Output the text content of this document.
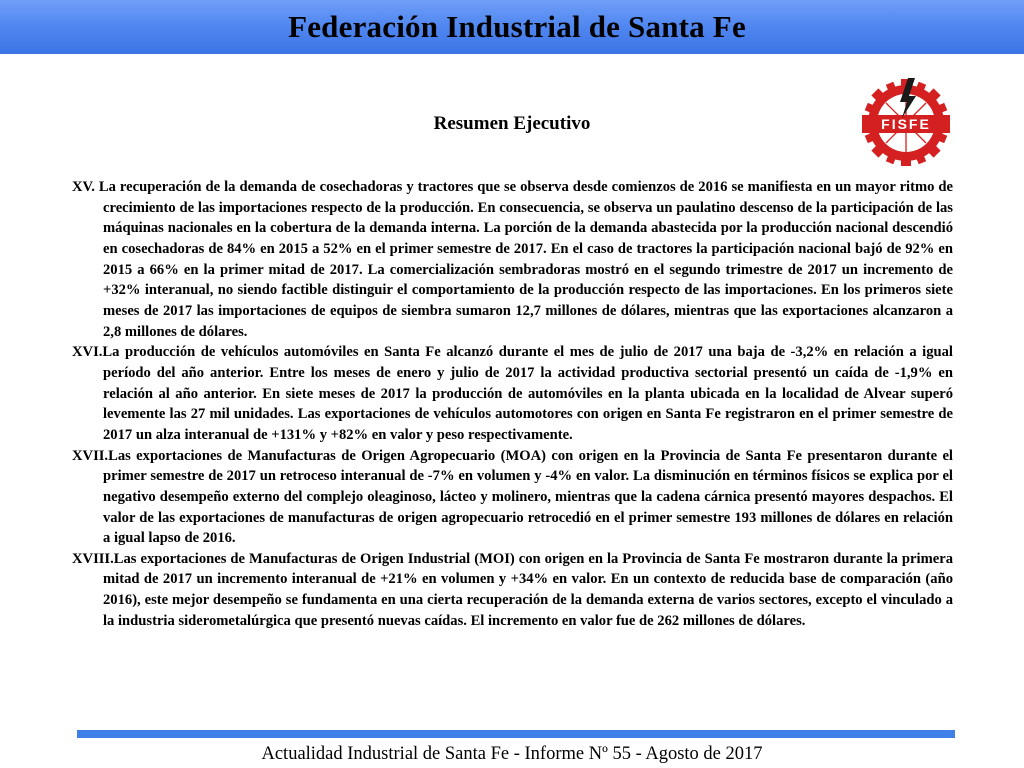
Federación Industrial de Santa Fe
FISFE
Resumen Ejecutivo

XV. La recuperación de la demanda de cosechadoras y tractores que se observa desde comienzos de 2016 se manifiesta en un mayor ritmo de crecimiento de las importaciones respecto de la producción. En consecuencia, se observa un paulatino descenso de la participación de las máquinas nacionales en la cobertura de la demanda interna. La porción de la demanda abastecida por la producción nacional descendió en cosechadoras de 84% en 2015 a 52% en el primer semestre de 2017. En el caso de tractores la participación nacional bajó de 92% en 2015 a 66% en la primer mitad de 2017. La comercialización sembradoras mostró en el segundo trimestre de 2017 un incremento de +32% interanual, no siendo factible distinguir el comportamiento de la producción respecto de las importaciones. En los primeros siete meses de 2017 las importaciones de equipos de siembra sumaron 12,7 millones de dólares, mientras que las exportaciones alcanzaron a 2,8 millones de dólares.

XVI.La producción de vehículos automóviles en Santa Fe alcanzó durante el mes de julio de 2017 una baja de -3,2% en relación a igual período del año anterior. Entre los meses de enero y julio de 2017 la actividad productiva sectorial presentó un caída de -1,9% en relación al año anterior. En siete meses de 2017 la producción de automóviles en la planta ubicada en la localidad de Alvear superó levemente las 27 mil unidades. Las exportaciones de vehículos automotores con origen en Santa Fe registraron en el primer semestre de 2017 un alza interanual de +131% y +82% en valor y peso respectivamente.

XVII.Las exportaciones de Manufacturas de Origen Agropecuario (MOA) con origen en la Provincia de Santa Fe presentaron durante el primer semestre de 2017 un retroceso interanual de -7% en volumen y -4% en valor. La disminución en términos físicos se explica por el negativo desempeño externo del complejo oleaginoso, lácteo y molinero, mientras que la cadena cárnica presentó mayores despachos. El valor de las exportaciones de manufacturas de origen agropecuario retrocedió en el primer semestre 193 millones de dólares en relación a igual lapso de 2016.

XVIII.Las exportaciones de Manufacturas de Origen Industrial (MOI) con origen en la Provincia de Santa Fe mostraron durante la primera mitad de 2017 un incremento interanual de +21% en volumen y +34% en valor. En un contexto de reducida base de comparación (año 2016), este mejor desempeño se fundamenta en una cierta recuperación de la demanda externa de varios sectores, excepto el vinculado a la industria siderometalúrgica que presentó nuevas caídas. El incremento en valor fue de 262 millones de dólares.

Actualidad Industrial de Santa Fe - Informe Nº 55 - Agosto de 2017
